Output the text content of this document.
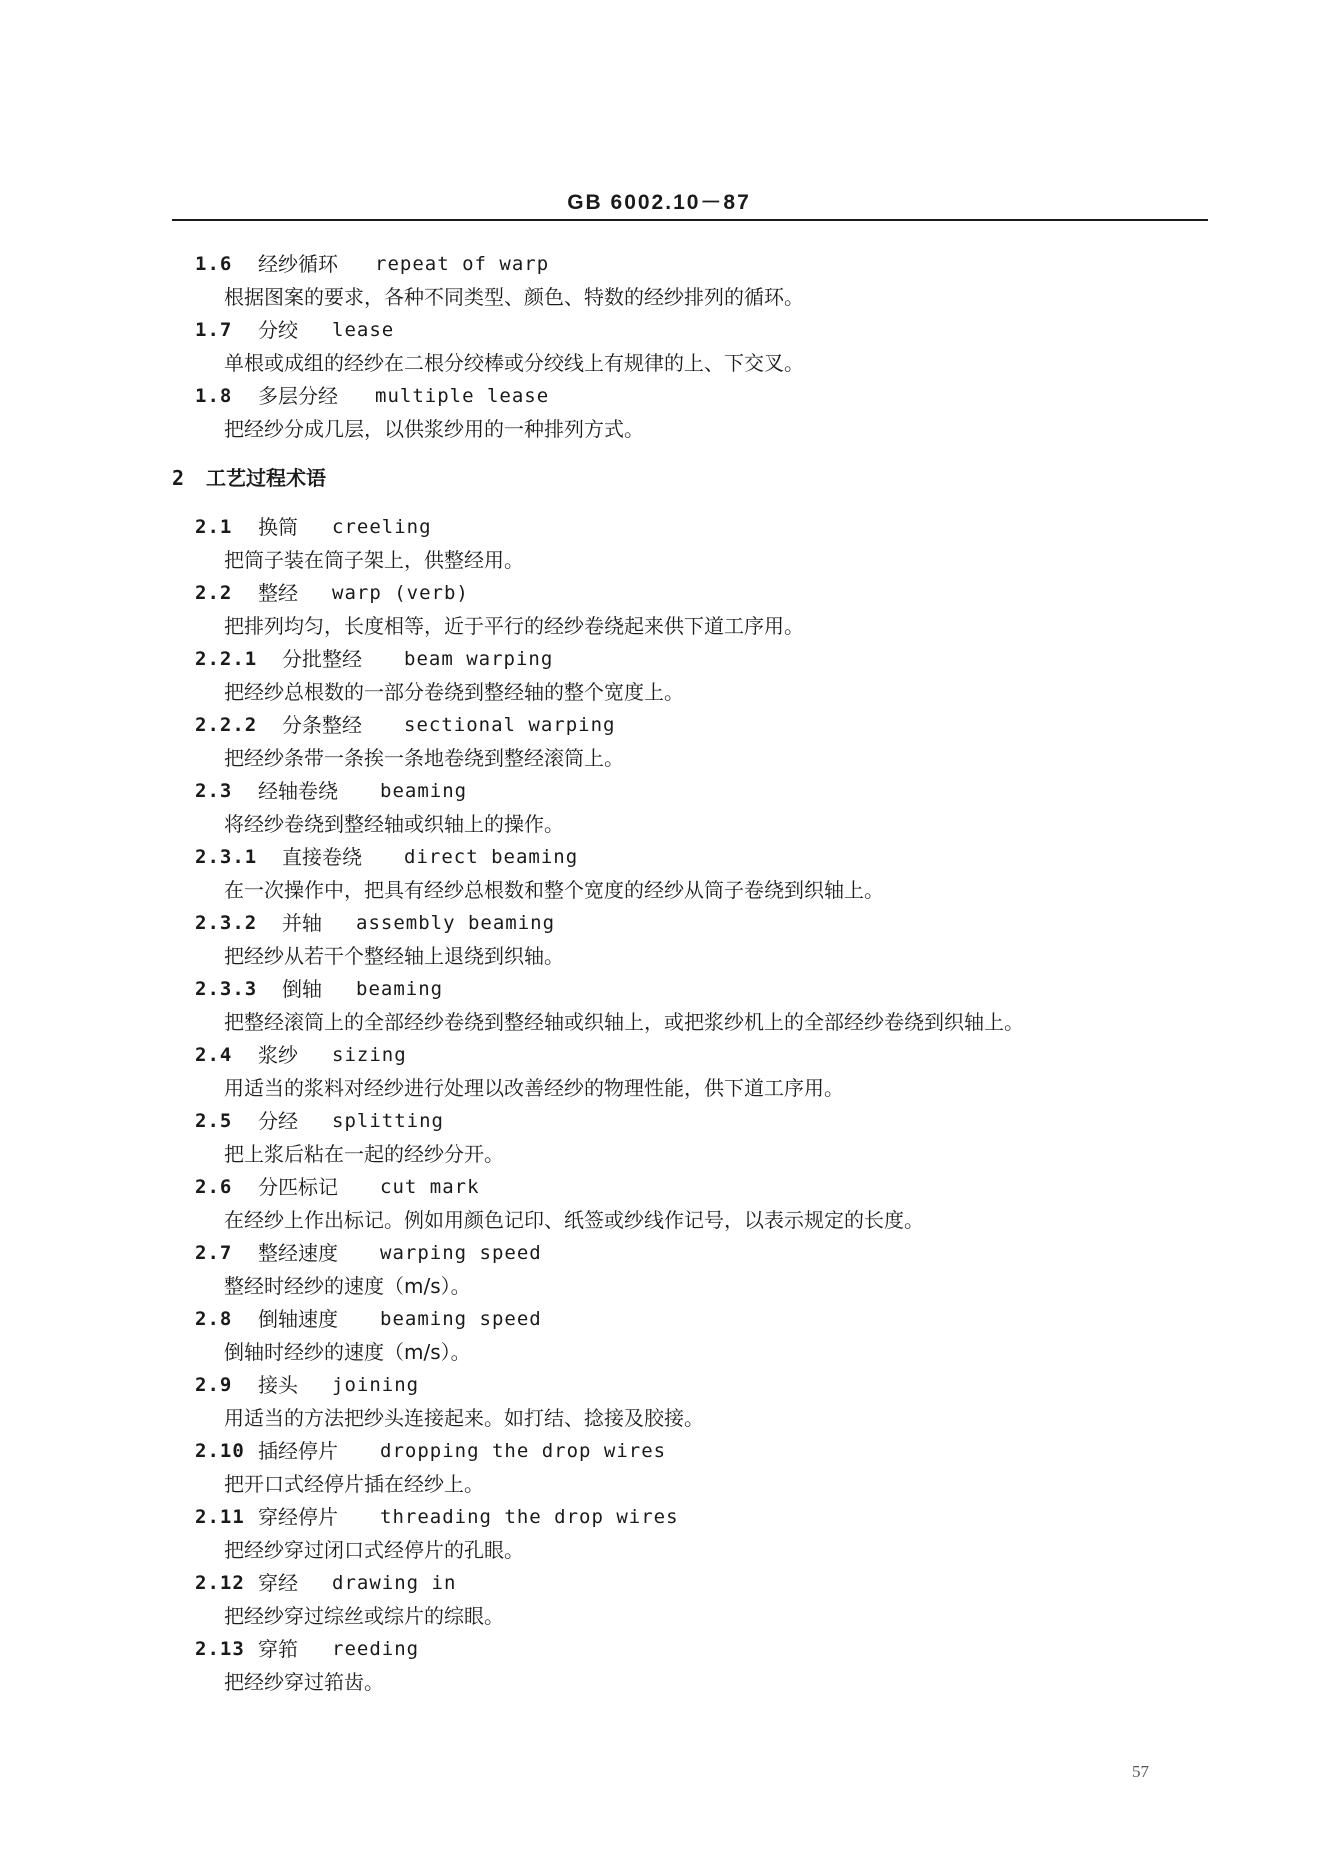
GB 6002.10－87
1.6 经纱循环 repeat of warp
根据图案的要求，各种不同类型、颜色、特数的经纱排列的循环。
1.7 分绞 lease
单根或成组的经纱在二根分绞棒或分绞线上有规律的上、下交叉。
1.8 多层分经 multiple lease
把经纱分成几层，以供浆纱用的一种排列方式。
2 工艺过程术语
2.1 换筒 creeling
把筒子装在筒子架上，供整经用。
2.2 整经 warp (verb)
把排列均匀，长度相等，近于平行的经纱卷绕起来供下道工序用。
2.2.1 分批整经 beam warping
把经纱总根数的一部分卷绕到整经轴的整个宽度上。
2.2.2 分条整经 sectional warping
把经纱条带一条挨一条地卷绕到整经滚筒上。
2.3 经轴卷绕 beaming
将经纱卷绕到整经轴或织轴上的操作。
2.3.1 直接卷绕 direct beaming
在一次操作中，把具有经纱总根数和整个宽度的经纱从筒子卷绕到织轴上。
2.3.2 并轴 assembly beaming
把经纱从若干个整经轴上退绕到织轴。
2.3.3 倒轴 beaming
把整经滚筒上的全部经纱卷绕到整经轴或织轴上，或把浆纱机上的全部经纱卷绕到织轴上。
2.4 浆纱 sizing
用适当的浆料对经纱进行处理以改善经纱的物理性能，供下道工序用。
2.5 分经 splitting
把上浆后粘在一起的经纱分开。
2.6 分匹标记 cut mark
在经纱上作出标记。例如用颜色记印、纸签或纱线作记号，以表示规定的长度。
2.7 整经速度 warping speed
整经时经纱的速度（m/s）。
2.8 倒轴速度 beaming speed
倒轴时经纱的速度（m/s）。
2.9 接头 joining
用适当的方法把纱头连接起来。如打结、捻接及胶接。
2.10 插经停片 dropping the drop wires
把开口式经停片插在经纱上。
2.11 穿经停片 threading the drop wires
把经纱穿过闭口式经停片的孔眼。
2.12 穿经 drawing in
把经纱穿过综丝或综片的综眼。
2.13 穿筘 reeding
把经纱穿过筘齿。
57
